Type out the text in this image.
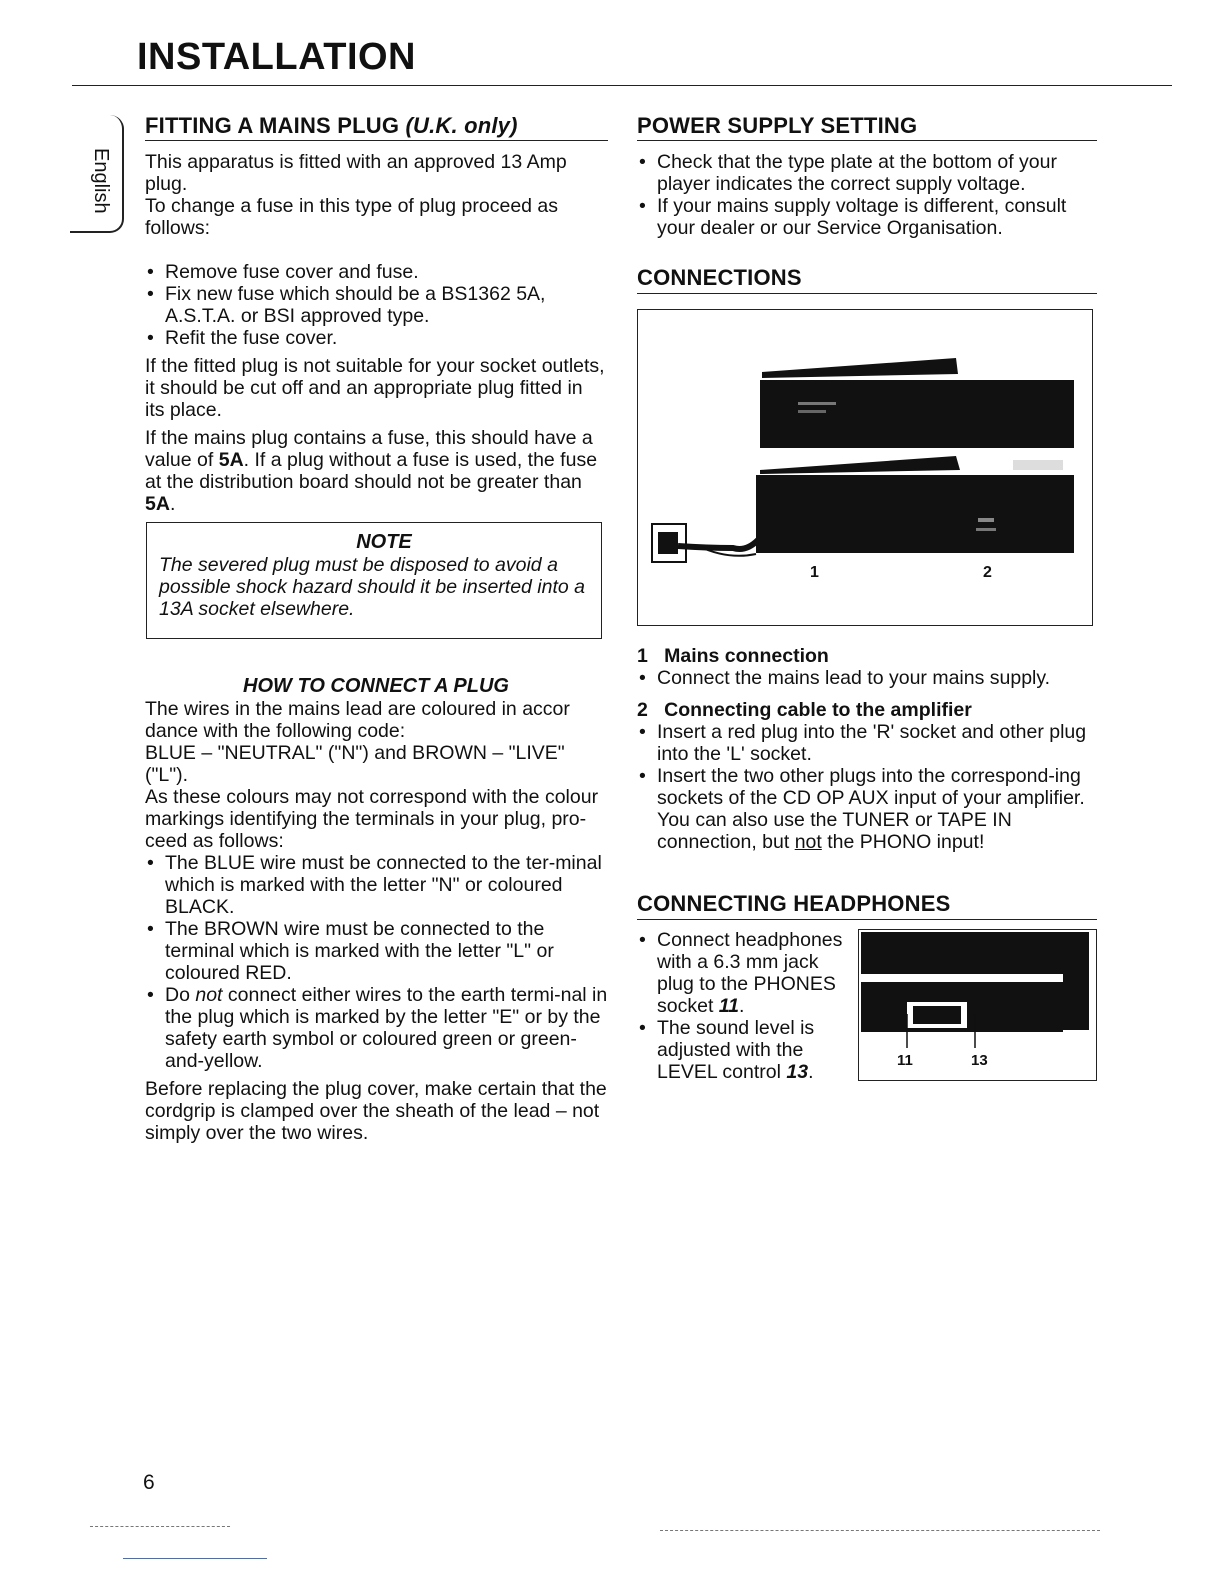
INSTALLATION
English
FITTING A MAINS PLUG (U.K. only)

This apparatus is fitted with an approved 13 Amp plug.

To change a fuse in this type of plug proceed as follows:

• Remove fuse cover and fuse.
• Fix new fuse which should be a BS1362 5A, A.S.T.A. or BSI approved type.
• Refit the fuse cover.

If the fitted plug is not suitable for your socket outlets, it should be cut off and an appropriate plug fitted in its place.

If the mains plug contains a fuse, this should have a value of 5A. If a plug without a fuse is used, the fuse at the distribution board should not be greater than 5A.

NOTE
The severed plug must be disposed to avoid a possible shock hazard should it be inserted into a 13A socket elsewhere.
HOW TO CONNECT A PLUG

The wires in the mains lead are coloured in accor dance with the following code:

BLUE – "NEUTRAL" ("N") and BROWN – "LIVE" ("L").

As these colours may not correspond with the colour markings identifying the terminals in your plug, pro-ceed as follows:

• The BLUE wire must be connected to the ter-minal which is marked with the letter "N" or coloured BLACK.
• The BROWN wire must be connected to the terminal which is marked with the letter "L" or coloured RED.
• Do not connect either wires to the earth termi-nal in the plug which is marked by the letter "E" or by the safety earth symbol or coloured green or green-and-yellow.

Before replacing the plug cover, make certain that the cordgrip is clamped over the sheath of the lead – not simply over the two wires.

POWER SUPPLY SETTING
• Check that the type plate at the bottom of your player indicates the correct supply voltage.
• If your mains supply voltage is different, consult your dealer or our Service Organisation.
CONNECTIONS
1	2

1 Mains connection

• Connect the mains lead to your mains supply.

2 Connecting cable to the amplifier

• Insert a red plug into the 'R' socket and other plug into the 'L' socket.
• Insert the two other plugs into the correspond-ing sockets of the CD OP AUX input of your amplifier. You can also use the TUNER or TAPE IN connection, but not the PHONO input!
CONNECTING HEADPHONES
• Connect headphones with a 6.3 mm jack plug to the PHONES socket 11.
• The sound level is adjusted with the LEVEL control 13.
11	13
6
